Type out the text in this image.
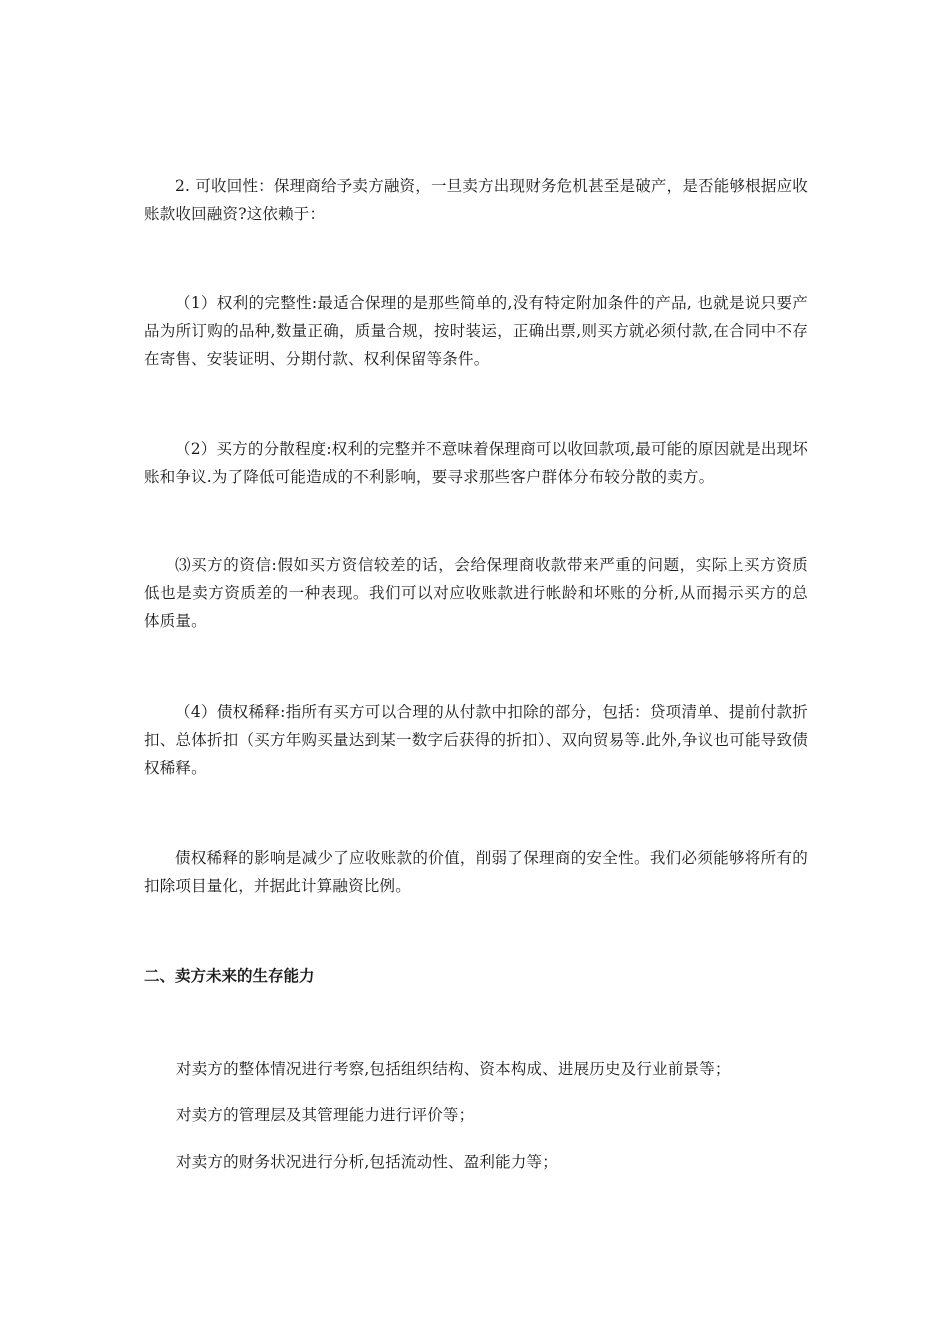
2. 可收回性：保理商给予卖方融资，一旦卖方出现财务危机甚至是破产，是否能够根据应收账款收回融资?这依赖于：

（1）权利的完整性:最适合保理的是那些简单的,没有特定附加条件的产品, 也就是说只要产品为所订购的品种,数量正确，质量合规，按时装运，正确出票,则买方就必须付款,在合同中不存在寄售、安装证明、分期付款、权利保留等条件。

（2）买方的分散程度:权利的完整并不意味着保理商可以收回款项,最可能的原因就是出现坏账和争议.为了降低可能造成的不利影响，要寻求那些客户群体分布较分散的卖方。

⑶买方的资信:假如买方资信较差的话，会给保理商收款带来严重的问题，实际上买方资质低也是卖方资质差的一种表现。我们可以对应收账款进行帐龄和坏账的分析,从而揭示买方的总体质量。

（4）债权稀释:指所有买方可以合理的从付款中扣除的部分，包括：贷项清单、提前付款折扣、总体折扣（买方年购买量达到某一数字后获得的折扣）、双向贸易等.此外,争议也可能导致债权稀释。

债权稀释的影响是减少了应收账款的价值，削弱了保理商的安全性。我们必须能够将所有的扣除项目量化，并据此计算融资比例。

二、卖方未来的生存能力

对卖方的整体情况进行考察,包括组织结构、资本构成、进展历史及行业前景等；

对卖方的管理层及其管理能力进行评价等；

对卖方的财务状况进行分析,包括流动性、盈利能力等；
